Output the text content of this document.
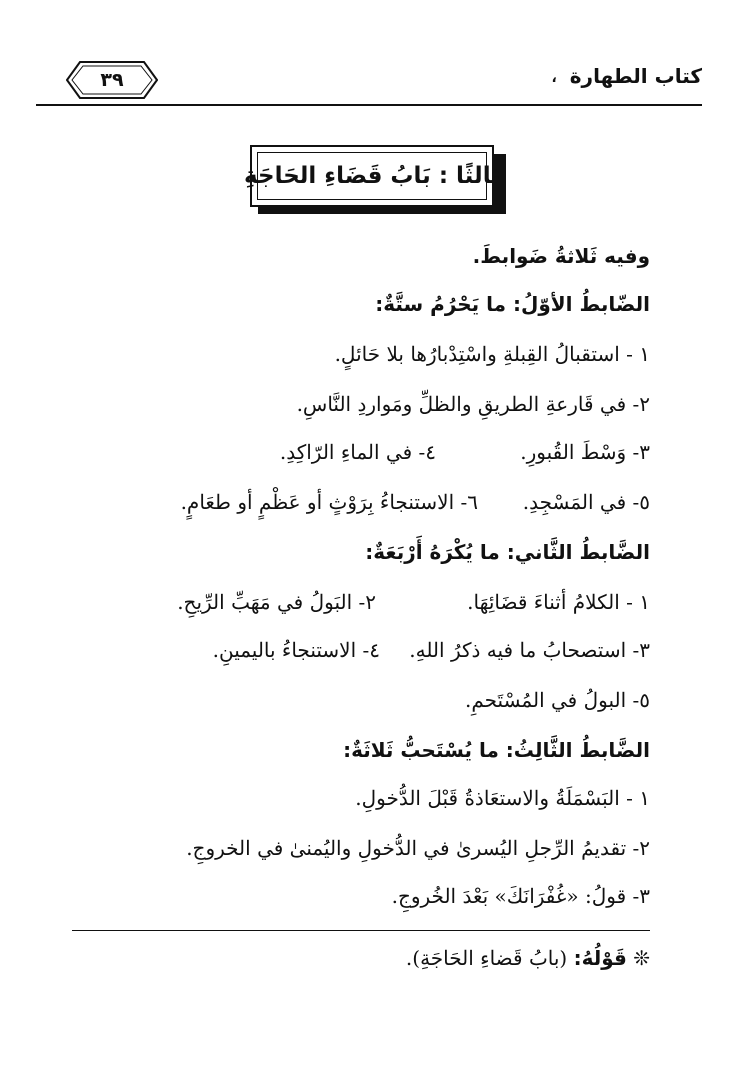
٣٩	كتاب الطهارة ،
ثالثًا : بَابُ قَضَاءِ الحَاجَةِ
وفيه ثَلاثةُ ضَوابطَ.
الضّابطُ الأوّلُ: ما يَحْرُمُ ستَّةٌ:
١ - استقبالُ القِبلةِ واسْتِدْبارُها بلا حَائلٍ.
٢- في قَارعةِ الطريقِ والظلِّ ومَواردِ النَّاسِ.
٣- وَسْطَ القُبورِ.
٤- في الماءِ الرّاكِدِ.
٥- في المَسْجِدِ.
٦- الاستنجاءُ بِرَوْثٍ أو عَظْمٍ أو طعَامٍ.
الضَّابطُ الثَّاني: ما يُكْرَهُ أَرْبَعَةٌ:
١ - الكلامُ أثناءَ قضَائِهَا.
٢- البَولُ في مَهَبِّ الرِّيحِ.
٣- استصحابُ ما فيه ذكرُ اللهِ.
٤- الاستنجاءُ باليمينِ.
٥- البولُ في المُسْتَحمِ.
الضَّابطُ الثَّالِثُ: ما يُسْتَحبُّ ثَلاثَةٌ:
١ - البَسْمَلَةُ والاستعَاذةُ قَبْلَ الدُّخولِ.
٢- تقديمُ الرِّجلِ اليُسرىٰ في الدُّخولِ واليُمنىٰ في الخروجِ.
٣- قولُ: «غُفْرَانَكَ» بَعْدَ الخُروجِ.
❊ قَوْلُهُ: (بابُ قَضاءِ الحَاجَةِ).
